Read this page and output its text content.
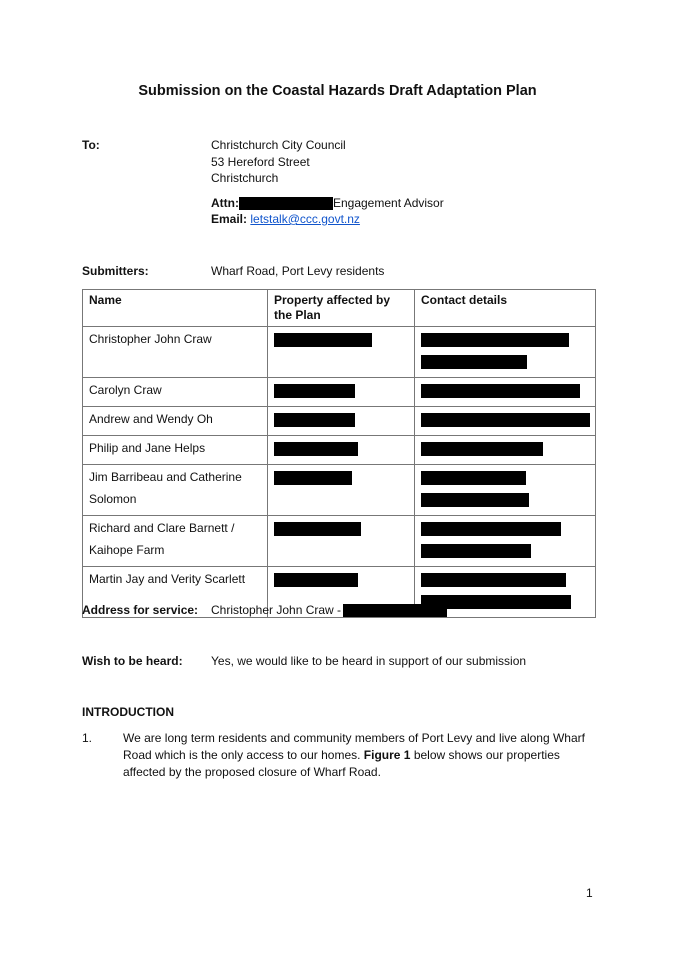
Submission on the Coastal Hazards Draft Adaptation Plan
To:	Christchurch City Council
53 Hereford Street
Christchurch
Attn:	Engagement Advisor
Email: letstalk@ccc.govt.nz
Submitters:	Wharf Road, Port Levy residents
Name	Property affected by the Plan	Contact details

Christopher John Craw		

Carolyn Craw		

Andrew and Wendy Oh		

Philip and Jane Helps		

Jim Barribeau and Catherine
Solomon		

Richard and Clare Barnett /
Kaihope Farm		

Martin Jay and Verity Scarlett		

Address for service: Christopher John Craw -
Wish to be heard: Yes, we would like to be heard in support of our submission
INTRODUCTION
1.	We are long term residents and community members of Port Levy and live along Wharf Road which is the only access to our homes. Figure 1 below shows our properties affected by the proposed closure of Wharf Road.
1
